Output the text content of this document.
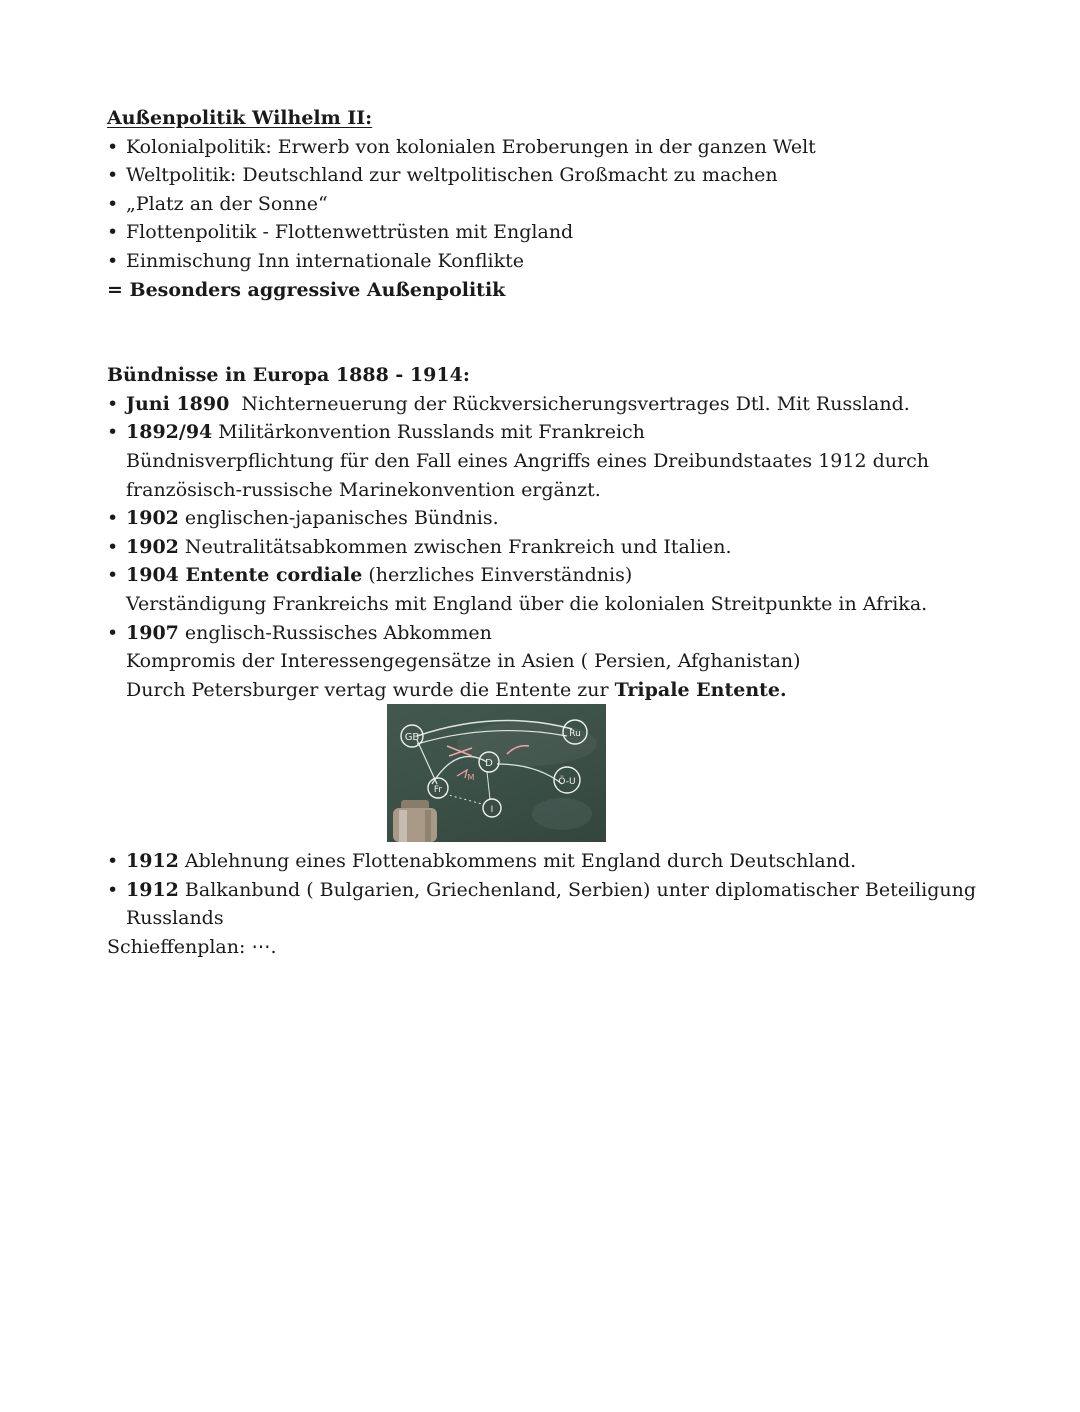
Außenpolitik Wilhelm II:
• Kolonialpolitik: Erwerb von kolonialen Eroberungen in der ganzen Welt
• Weltpolitik: Deutschland zur weltpolitischen Großmacht zu machen
• „Platz an der Sonne“
• Flottenpolitik - Flottenwettrüsten mit England
• Einmischung Inn internationale Konflikte
= Besonders aggressive Außenpolitik
Bündnisse in Europa 1888 - 1914:
• Juni 1890  Nichterneuerung der Rückversicherungsvertrages Dtl. Mit Russland.
• 1892/94 Militärkonvention Russlands mit Frankreich
Bündnisverpflichtung für den Fall eines Angriffs eines Dreibundstaates 1912 durch
französisch-russische Marinekonvention ergänzt.
• 1902 englischen-japanisches Bündnis.
• 1902 Neutralitätsabkommen zwischen Frankreich und Italien.
• 1904 Entente cordiale (herzliches Einverständnis)
Verständigung Frankreichs mit England über die kolonialen Streitpunkte in Afrika.
• 1907 englisch-Russisches Abkommen
Kompromis der Interessengegensätze in Asien ( Persien, Afghanistan)
Durch Petersburger vertag wurde die Entente zur Tripale Entente.
GB	Ru
D
Fr
I
Ö-U
M
• 1912 Ablehnung eines Flottenabkommens mit England durch Deutschland.
• 1912 Balkanbund ( Bulgarien, Griechenland, Serbien) unter diplomatischer Beteiligung
Russlands
Schieffenplan: ⋯.
